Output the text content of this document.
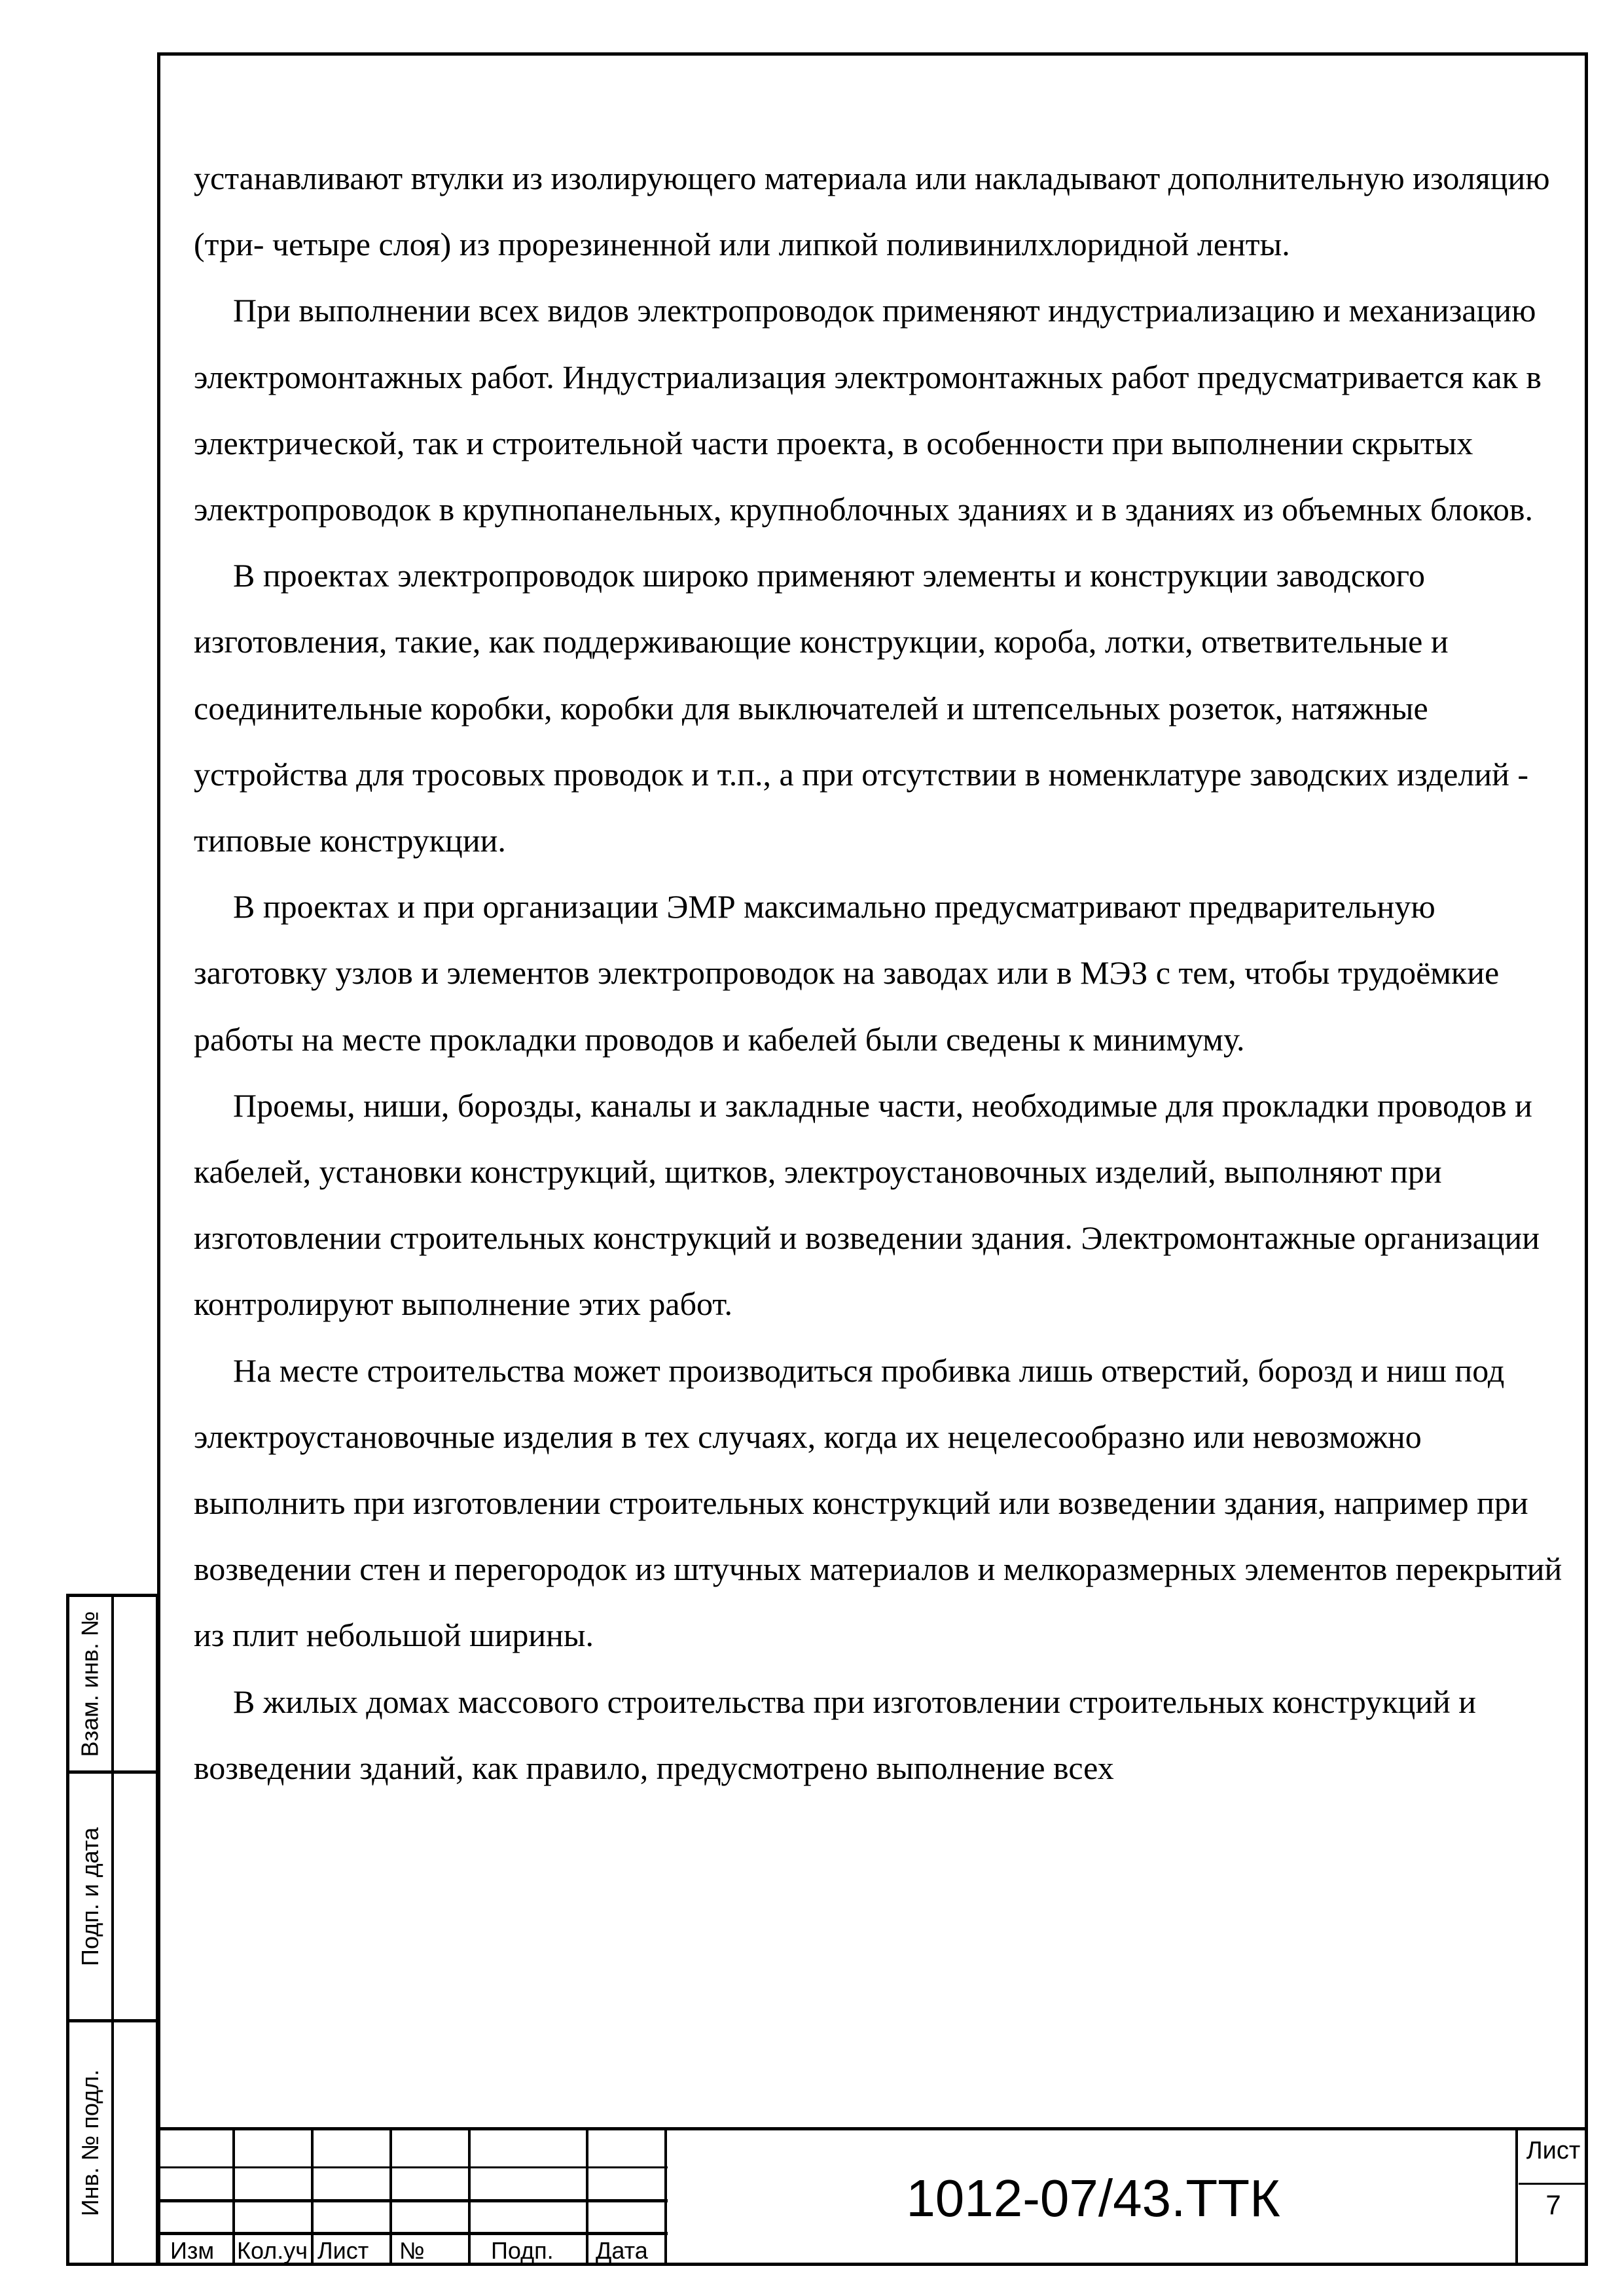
устанавливают втулки из изолирующего материала или накладывают дополнительную изоляцию (три- четыре слоя) из прорезиненной или липкой поливинилхлоридной ленты.

При выполнении всех видов электропроводок применяют индустриализацию и механизацию электромонтажных работ. Индустриализация электромонтажных работ предусматривается как в электрической, так и строительной части проекта, в особенности при выполнении скрытых электропроводок в крупнопанельных, крупноблочных зданиях и в зданиях из объемных блоков.

В проектах электропроводок широко применяют элементы и конструкции заводского изготовления, такие, как поддерживающие конструкции, короба, лотки, ответвительные и соединительные коробки, коробки для выключателей и штепсельных розеток, натяжные устройства для тросовых проводок и т.п., а при отсутствии в номенклатуре заводских изделий - типовые конструкции.

В проектах и при организации ЭМР максимально предусматривают предварительную заготовку узлов и элементов электропроводок на заводах или в МЭЗ с тем, чтобы трудоёмкие работы на месте прокладки проводов и кабелей были сведены к минимуму.

Проемы, ниши, борозды, каналы и закладные части, необходимые для прокладки проводов и кабелей, установки конструкций, щитков, электроустановочных изделий, выполняют при изготовлении строительных конструкций и возведении здания. Электромонтажные организации контролируют выполнение этих работ.

На месте строительства может производиться пробивка лишь отверстий, борозд и ниш под электроустановочные изделия в тех случаях, когда их нецелесообразно или невозможно выполнить при изготовлении строительных конструкций или возведении здания, например при возведении стен и перегородок из штучных материалов и мелкоразмерных элементов перекрытий из плит небольшой ширины.

В жилых домах массового строительства при изготовлении строительных конструкций и возведении зданий, как правило, предусмотрено выполнение всех

Взам. инв. №
Подп. и дата
Инв. № подл.
Изм Кол.уч Лист №	Подп. Дата
1012-07/43.ТТК
Лист
7
